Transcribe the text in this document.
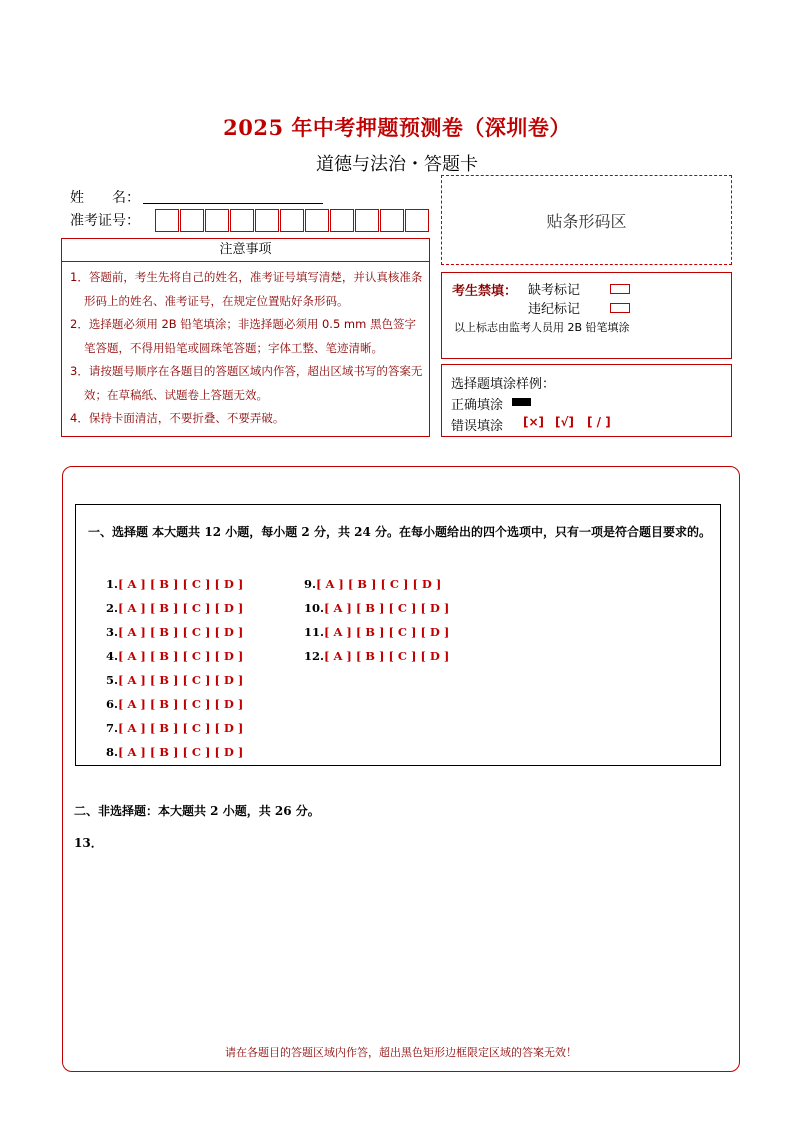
2025 年中考押题预测卷（深圳卷）
道德与法治・答题卡
姓　　名：
准考证号：	贴条形码区
注意事项

1．答题前，考生先将自己的姓名，准考证号填写清楚，并认真核准条形码上的姓名、准考证号，在规定位置贴好条形码。

2．选择题必须用 2B 铅笔填涂；非选择题必须用 0.5 mm 黑色签字笔答题，不得用铅笔或圆珠笔答题；字体工整、笔迹清晰。

3．请按题号顺序在各题目的答题区域内作答，超出区域书写的答案无效；在草稿纸、试题卷上答题无效。

4．保持卡面清洁，不要折叠、不要弄破。

考生禁填： 缺考标记
违纪标记
以上标志由监考人员用 2B 铅笔填涂
选择题填涂样例：
正确填涂
错误填涂 [×] [√] [ / ]
一、选择题 本大题共 12 小题，每小题 2 分，共 24 分。在每小题给出的四个选项中，只有一项是符合题目要求的。
1.[ A ] [ B ] [ C ] [ D ]
2.[ A ] [ B ] [ C ] [ D ]
3.[ A ] [ B ] [ C ] [ D ]
4.[ A ] [ B ] [ C ] [ D ]
5.[ A ] [ B ] [ C ] [ D ]
6.[ A ] [ B ] [ C ] [ D ]
7.[ A ] [ B ] [ C ] [ D ]
8.[ A ] [ B ] [ C ] [ D ]
9.[ A ] [ B ] [ C ] [ D ]
10.[ A ] [ B ] [ C ] [ D ]
11.[ A ] [ B ] [ C ] [ D ]
12.[ A ] [ B ] [ C ] [ D ]
二、非选择题：本大题共 2 小题，共 26 分。
13．
请在各题目的答题区域内作答，超出黑色矩形边框限定区域的答案无效！
